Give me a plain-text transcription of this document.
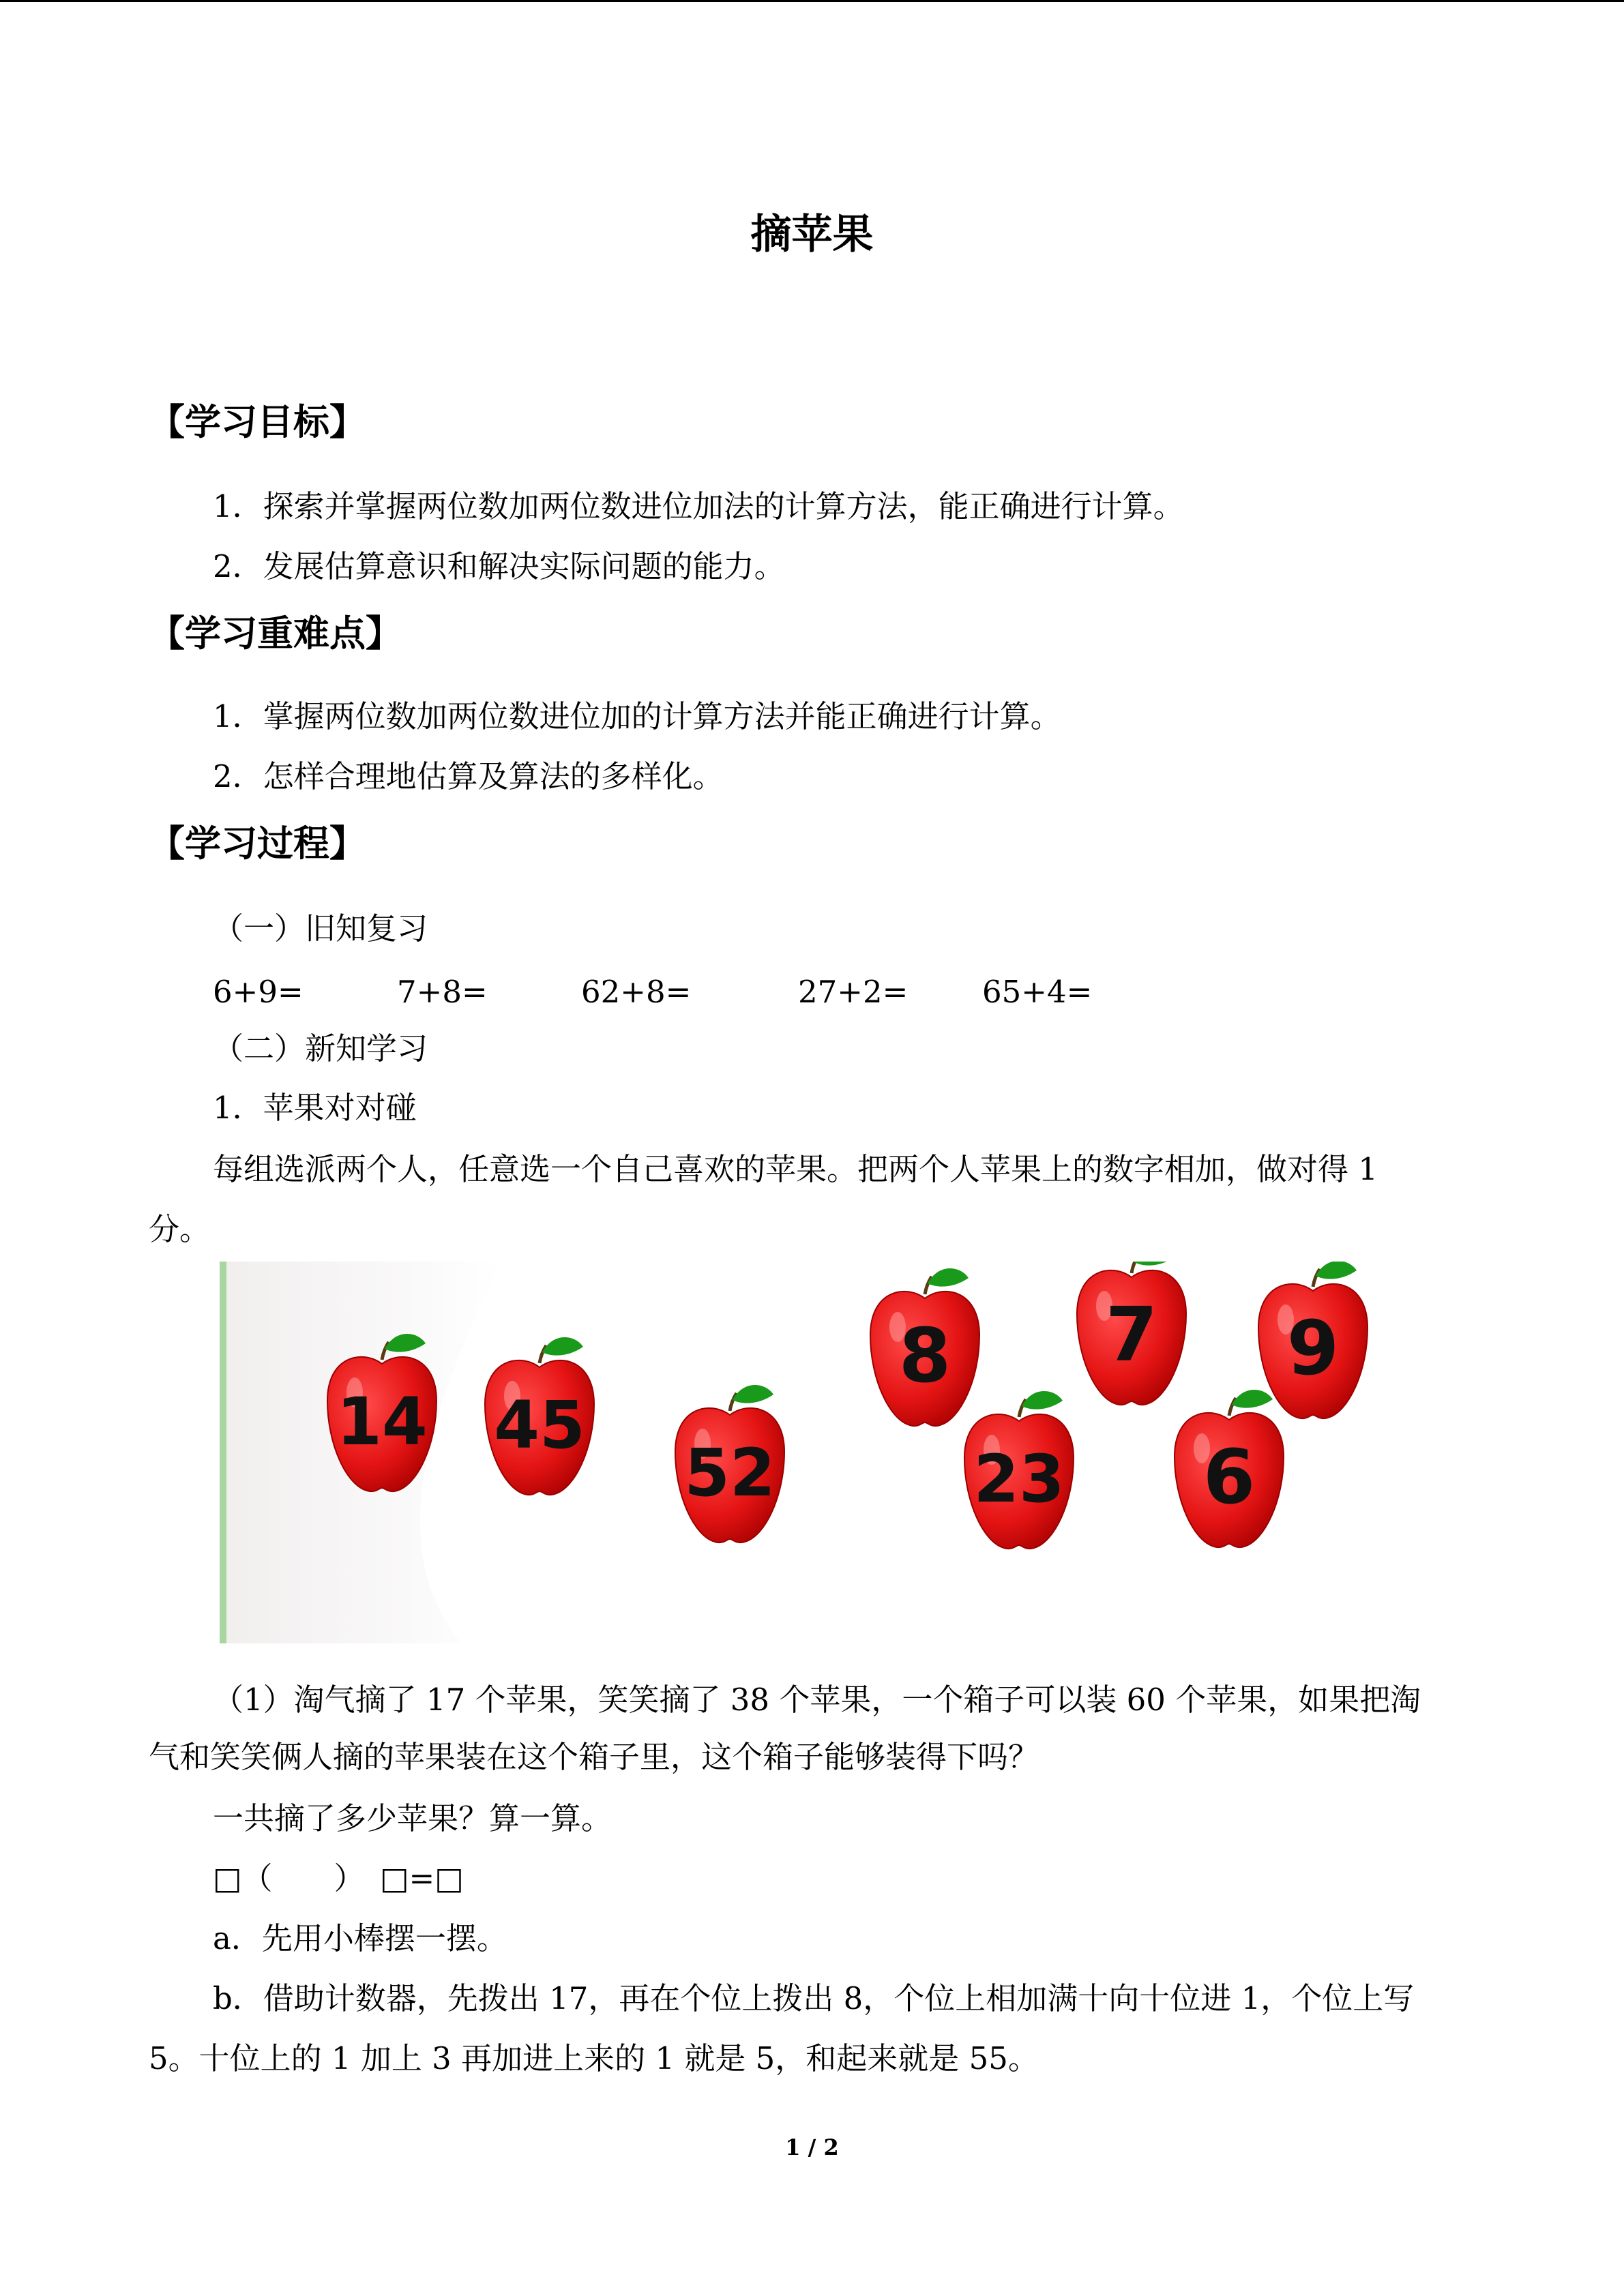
摘苹果
【学习目标】
1．探索并掌握两位数加两位数进位加法的计算方法，能正确进行计算。
2．发展估算意识和解决实际问题的能力。
【学习重难点】
1．掌握两位数加两位数进位加的计算方法并能正确进行计算。
2．怎样合理地估算及算法的多样化。
【学习过程】
（一）旧知复习
6+9=	7+8=	62+8=	27+2= 65+4=
（二）新知学习
1．苹果对对碰
每组选派两个人，任意选一个自己喜欢的苹果。把两个人苹果上的数字相加，做对得 1
分。
14 45
52
8
23
7
6
9
（1）淘气摘了 17 个苹果，笑笑摘了 38 个苹果，一个箱子可以装 60 个苹果，如果把淘
气和笑笑俩人摘的苹果装在这个箱子里，这个箱子能够装得下吗？
一共摘了多少苹果？算一算。
□（　　）　□=□
a．先用小棒摆一摆。
b．借助计数器，先拨出 17，再在个位上拨出 8，个位上相加满十向十位进 1，个位上写
5。十位上的 1 加上 3 再加进上来的 1 就是 5，和起来就是 55。
1 / 2
